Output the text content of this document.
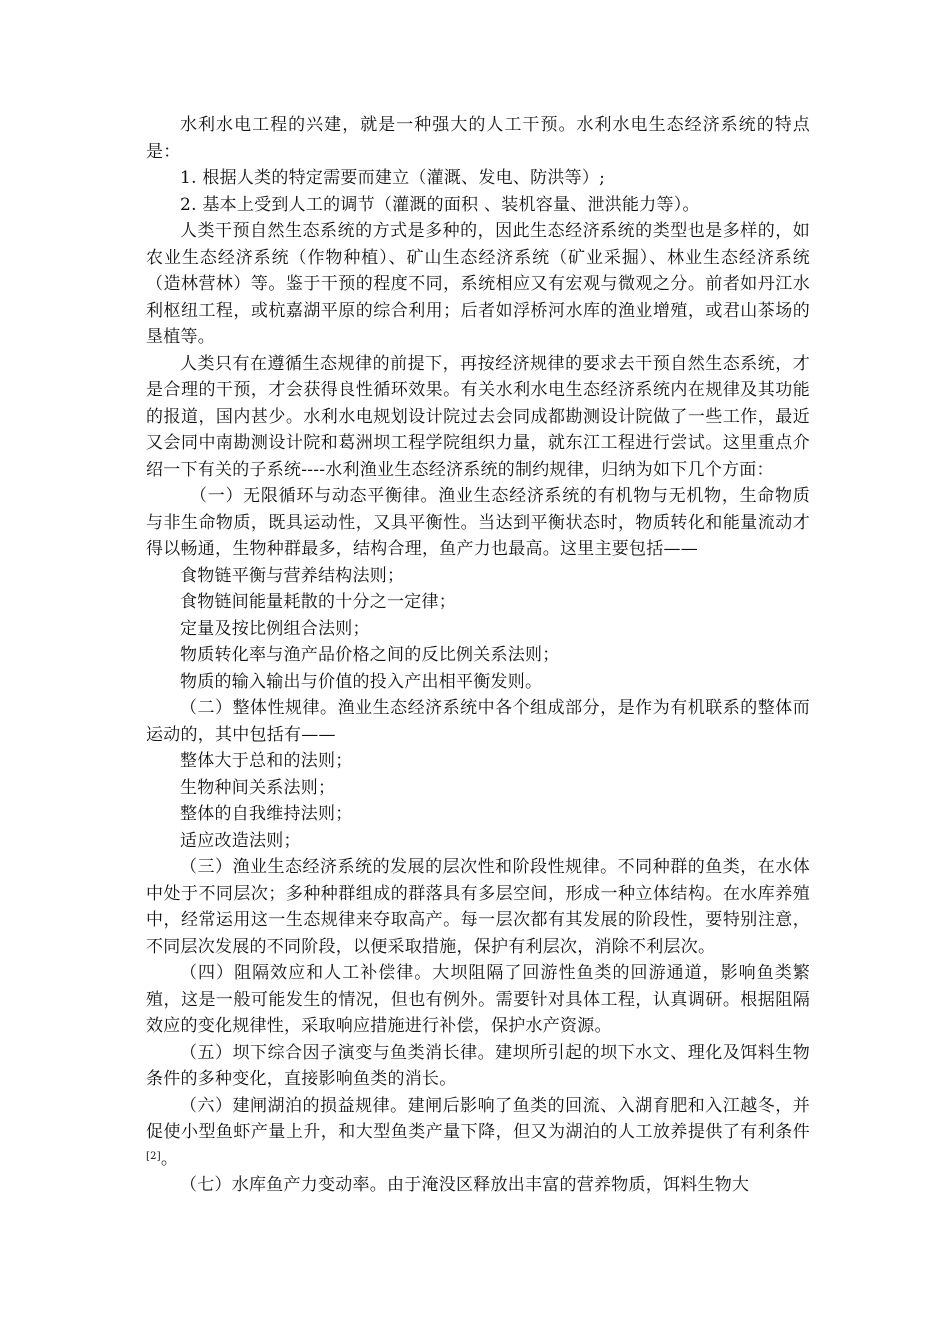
水利水电工程的兴建，就是一种强大的人工干预。水利水电生态经济系统的特点是：

1. 根据人类的特定需要而建立（灌溉、发电、防洪等）;

2. 基本上受到人工的调节（灌溉的面积 、装机容量、泄洪能力等）。

人类干预自然生态系统的方式是多种的，因此生态经济系统的类型也是多样的，如农业生态经济系统（作物种植）、矿山生态经济系统（矿业采掘）、林业生态经济系统（造林营林）等。鉴于干预的程度不同，系统相应又有宏观与微观之分。前者如丹江水利枢纽工程，或杭嘉湖平原的综合利用；后者如浮桥河水库的渔业增殖，或君山茶场的垦植等。

人类只有在遵循生态规律的前提下，再按经济规律的要求去干预自然生态系统，才是合理的干预，才会获得良性循环效果。有关水利水电生态经济系统内在规律及其功能的报道，国内甚少。水利水电规划设计院过去会同成都勘测设计院做了一些工作，最近又会同中南勘测设计院和葛洲坝工程学院组织力量，就东江工程进行尝试。这里重点介绍一下有关的子系统----水利渔业生态经济系统的制约规律，归纳为如下几个方面：

（一）无限循环与动态平衡律。渔业生态经济系统的有机物与无机物，生命物质与非生命物质，既具运动性，又具平衡性。当达到平衡状态时，物质转化和能量流动才得以畅通，生物种群最多，结构合理，鱼产力也最高。这里主要包括——

食物链平衡与营养结构法则；

食物链间能量耗散的十分之一定律；

定量及按比例组合法则；

物质转化率与渔产品价格之间的反比例关系法则；

物质的输入输出与价值的投入产出相平衡发则。

（二）整体性规律。渔业生态经济系统中各个组成部分，是作为有机联系的整体而运动的，其中包括有——

整体大于总和的法则；

生物种间关系法则；

整体的自我维持法则；

适应改造法则；

（三）渔业生态经济系统的发展的层次性和阶段性规律。不同种群的鱼类，在水体中处于不同层次；多种种群组成的群落具有多层空间，形成一种立体结构。在水库养殖中，经常运用这一生态规律来夺取高产。每一层次都有其发展的阶段性，要特别注意，不同层次发展的不同阶段，以便采取措施，保护有利层次，消除不利层次。

（四）阻隔效应和人工补偿律。大坝阻隔了回游性鱼类的回游通道，影响鱼类繁殖，这是一般可能发生的情况，但也有例外。需要针对具体工程，认真调研。根据阻隔效应的变化规律性，采取响应措施进行补偿，保护水产资源。

（五）坝下综合因子演变与鱼类消长律。建坝所引起的坝下水文、理化及饵料生物条件的多种变化，直接影响鱼类的消长。

（六）建闸湖泊的损益规律。建闸后影响了鱼类的回流、入湖育肥和入江越冬，并促使小型鱼虾产量上升，和大型鱼类产量下降，但又为湖泊的人工放养提供了有利条件[2]。

（七）水库鱼产力变动率。由于淹没区释放出丰富的营养物质，饵料生物大
